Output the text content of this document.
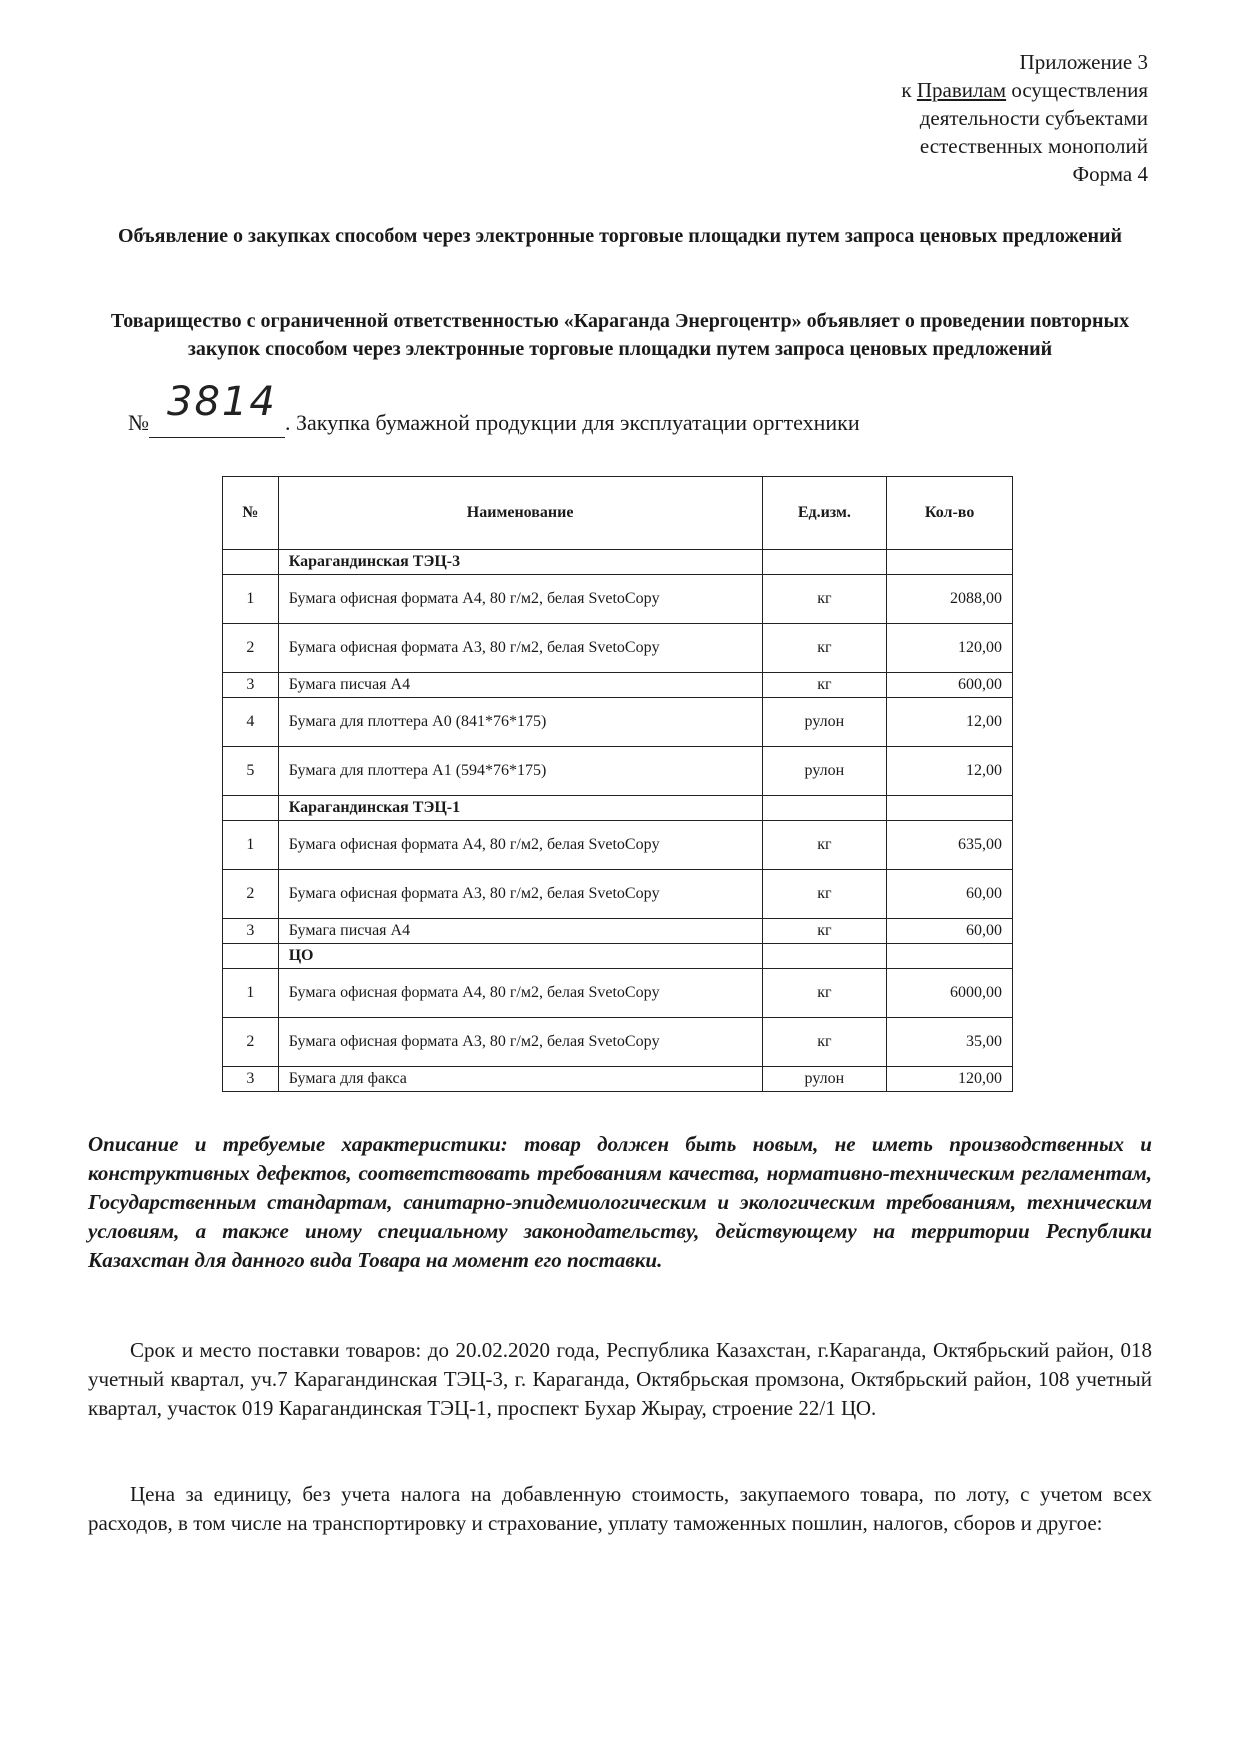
Приложение 3
к Правилам осуществления
деятельности субъектами
естественных монополий
Форма 4
Объявление о закупках способом через электронные торговые площадки путем запроса ценовых предложений
Товарищество с ограниченной ответственностью «Караганда Энергоцентр» объявляет о проведении повторных закупок способом через электронные торговые площадки путем запроса ценовых предложений
№ 3814 . Закупка бумажной продукции для эксплуатации оргтехники
№	Наименование	Ед.изм.	Кол-во
	Карагандинская ТЭЦ-3		
1	Бумага офисная формата А4, 80 г/м2, белая SvetoCopy	кг	2088,00
2	Бумага офисная формата А3, 80 г/м2, белая SvetoCopy	кг	120,00
3	Бумага писчая А4	кг	600,00
4	Бумага для плоттера А0 (841*76*175)	рулон	12,00
5	Бумага для плоттера А1 (594*76*175)	рулон	12,00
	Карагандинская ТЭЦ-1		
1	Бумага офисная формата А4, 80 г/м2, белая SvetoCopy	кг	635,00
2	Бумага офисная формата А3, 80 г/м2, белая SvetoCopy	кг	60,00
3	Бумага писчая А4	кг	60,00
	ЦО		
1	Бумага офисная формата А4, 80 г/м2, белая SvetoCopy	кг	6000,00
2	Бумага офисная формата А3, 80 г/м2, белая SvetoCopy	кг	35,00
3	Бумага для факса	рулон	120,00
Описание и требуемые характеристики: товар должен быть новым, не иметь производственных и конструктивных дефектов, соответствовать требованиям качества, нормативно-техническим регламентам, Государственным стандартам, санитарно-эпидемиологическим и экологическим требованиям, техническим условиям, а также иному специальному законодательству, действующему на территории Республики Казахстан для данного вида Товара на момент его поставки.
Срок и место поставки товаров: до 20.02.2020 года, Республика Казахстан, г.Караганда, Октябрьский район, 018 учетный квартал, уч.7 Карагандинская ТЭЦ-3, г. Караганда, Октябрьская промзона, Октябрьский район, 108 учетный квартал, участок 019 Карагандинская ТЭЦ-1, проспект Бухар Жырау, строение 22/1 ЦО.
Цена за единицу, без учета налога на добавленную стоимость, закупаемого товара, по лоту, с учетом всех расходов, в том числе на транспортировку и страхование, уплату таможенных пошлин, налогов, сборов и другое:
